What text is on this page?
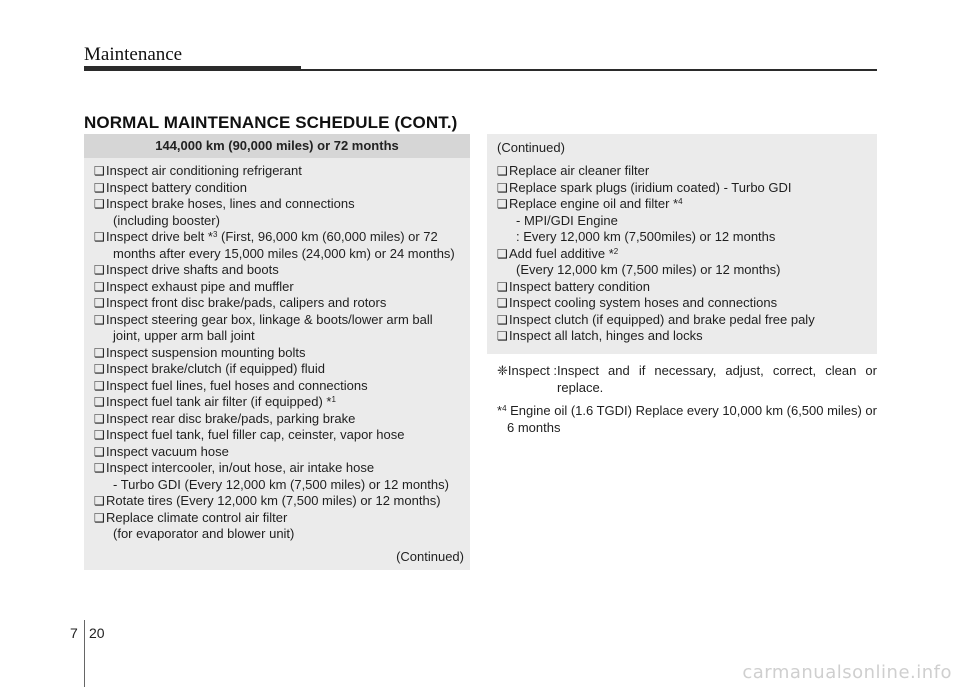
Maintenance
NORMAL MAINTENANCE SCHEDULE (CONT.)
144,000 km (90,000 miles) or 72 months
❑ Inspect air conditioning refrigerant
❑ Inspect battery condition
❑ Inspect brake hoses, lines and connections
(including booster)
❑ Inspect drive belt *$^3$ (First, 96,000 km (60,000 miles) or 72
months after every 15,000 miles (24,000 km) or 24 months)
❑ Inspect drive shafts and boots
❑ Inspect exhaust pipe and muffler
❑ Inspect front disc brake/pads, calipers and rotors
❑ Inspect steering gear box, linkage & boots/lower arm ball
joint, upper arm ball joint
❑ Inspect suspension mounting bolts
❑ Inspect brake/clutch (if equipped) fluid
❑ Inspect fuel lines, fuel hoses and connections
❑ Inspect fuel tank air filter (if equipped) *$^1$
❑ Inspect rear disc brake/pads, parking brake
❑ Inspect fuel tank, fuel filler cap, ceinster, vapor hose
❑ Inspect vacuum hose
❑ Inspect intercooler, in/out hose, air intake hose
- Turbo GDI (Every 12,000 km (7,500 miles) or 12 months)
❑ Rotate tires (Every 12,000 km (7,500 miles) or 12 months)
❑ Replace climate control air filter
(for evaporator and blower unit)
(Continued)
(Continued)
❑ Replace air cleaner filter
❑ Replace spark plugs (iridium coated) - Turbo GDI
❑ Replace engine oil and filter *$^4$
- MPI/GDI Engine
: Every 12,000 km (7,500miles) or 12 months
❑ Add fuel additive *$^2$
(Every 12,000 km (7,500 miles) or 12 months)
❑ Inspect battery condition
❑ Inspect cooling system hoses and connections
❑ Inspect clutch (if equipped) and brake pedal free paly
❑ Inspect all latch, hinges and locks
❈ Inspect : Inspect and if necessary, adjust, correct, clean or replace.
*$^4$ Engine oil (1.6 TGDI) Replace every 10,000 km (6,500 miles) or 6 months
7 20
carmanualsonline.info
